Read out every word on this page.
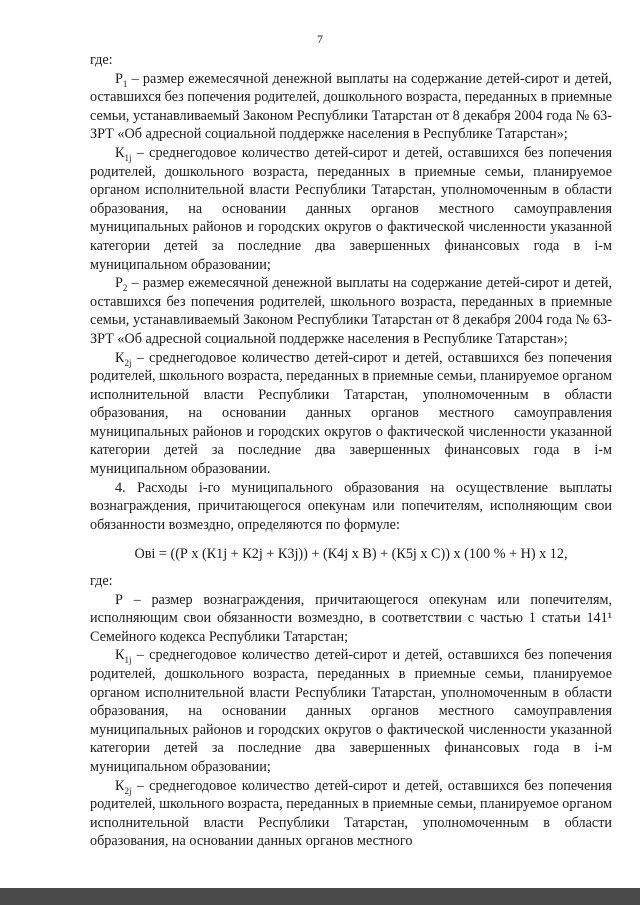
7

где:

$Р_1$ – размер ежемесячной денежной выплаты на содержание детей-сирот и детей, оставшихся без попечения родителей, дошкольного возраста, переданных в приемные семьи, устанавливаемый Законом Республики Татарстан от 8 декабря 2004 года № 63-ЗРТ «Об адресной социальной поддержке населения в Республике Татарстан»;

$К_{1j}$ – среднегодовое количество детей-сирот и детей, оставшихся без попечения родителей, дошкольного возраста, переданных в приемные семьи, планируемое органом исполнительной власти Республики Татарстан, уполномоченным в области образования, на основании данных органов местного самоуправления муниципальных районов и городских округов о фактической численности указанной категории детей за последние два завершенных финансовых года в i-м муниципальном образовании;

$Р_2$ – размер ежемесячной денежной выплаты на содержание детей-сирот и детей, оставшихся без попечения родителей, школьного возраста, переданных в приемные семьи, устанавливаемый Законом Республики Татарстан от 8 декабря 2004 года № 63-ЗРТ «Об адресной социальной поддержке населения в Республике Татарстан»;

$К_{2j}$ – среднегодовое количество детей-сирот и детей, оставшихся без попечения родителей, школьного возраста, переданных в приемные семьи, планируемое органом исполнительной власти Республики Татарстан, уполномоченным в области образования, на основании данных органов местного самоуправления муниципальных районов и городских округов о фактической численности указанной категории детей за последние два завершенных финансовых года в i-м муниципальном образовании.

4. Расходы i-го муниципального образования на осуществление выплаты вознаграждения, причитающегося опекунам или попечителям, исполняющим свои обязанности возмездно, определяются по формуле:

Овi = ((Р x (К1j + К2j + К3j)) + (К4j x В) + (К5j x С)) x (100 % + Н) x 12,

где:

Р – размер вознаграждения, причитающегося опекунам или попечителям, исполняющим свои обязанности возмездно, в соответствии с частью 1 статьи 141¹ Семейного кодекса Республики Татарстан;

$К_{1j}$ – среднегодовое количество детей-сирот и детей, оставшихся без попечения родителей, дошкольного возраста, переданных в приемные семьи, планируемое органом исполнительной власти Республики Татарстан, уполномоченным в области образования, на основании данных органов местного самоуправления муниципальных районов и городских округов о фактической численности указанной категории детей за последние два завершенных финансовых года в i-м муниципальном образовании;

$К_{2j}$ – среднегодовое количество детей-сирот и детей, оставшихся без попечения родителей, школьного возраста, переданных в приемные семьи, планируемое органом исполнительной власти Республики Татарстан, уполномоченным в области образования, на основании данных органов местного
